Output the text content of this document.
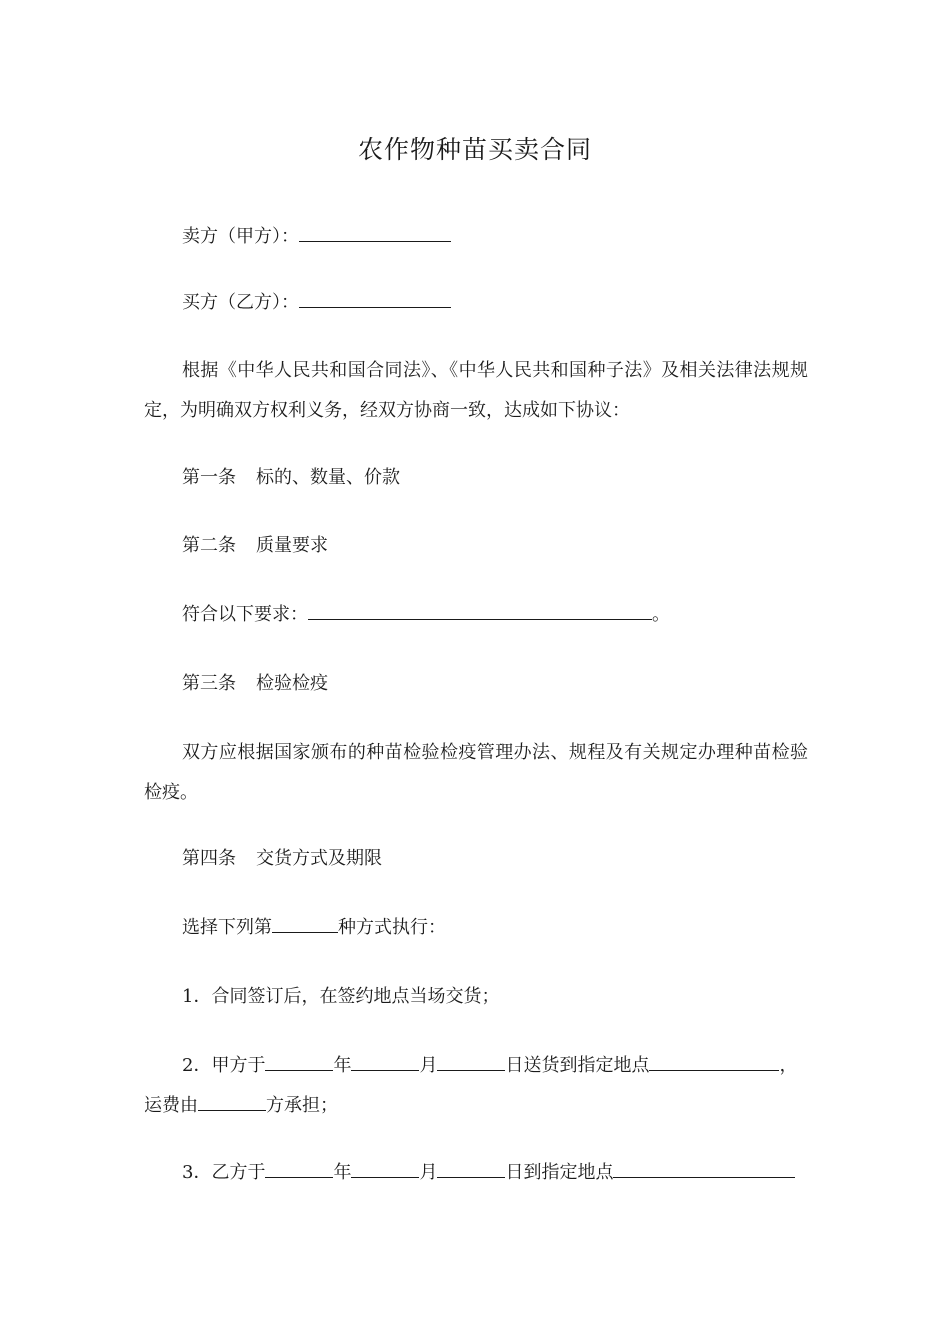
农作物种苗买卖合同
卖方（甲方）：
买方（乙方）：
根据《中华人民共和国合同法》、《中华人民共和国种子法》及相关法律法规规定，为明确双方权利义务，经双方协商一致，达成如下协议：
第一条 标的、数量、价款
第二条 质量要求
符合以下要求：	。
第三条 检验检疫
双方应根据国家颁布的种苗检验检疫管理办法、规程及有关规定办理种苗检验检疫。
第四条 交货方式及期限
选择下列第	种方式执行：
1．合同签订后，在签约地点当场交货；
2．甲方于	年	月	日送货到指定地点	，
运费由	方承担；
3．乙方于	年	月	日到指定地点
